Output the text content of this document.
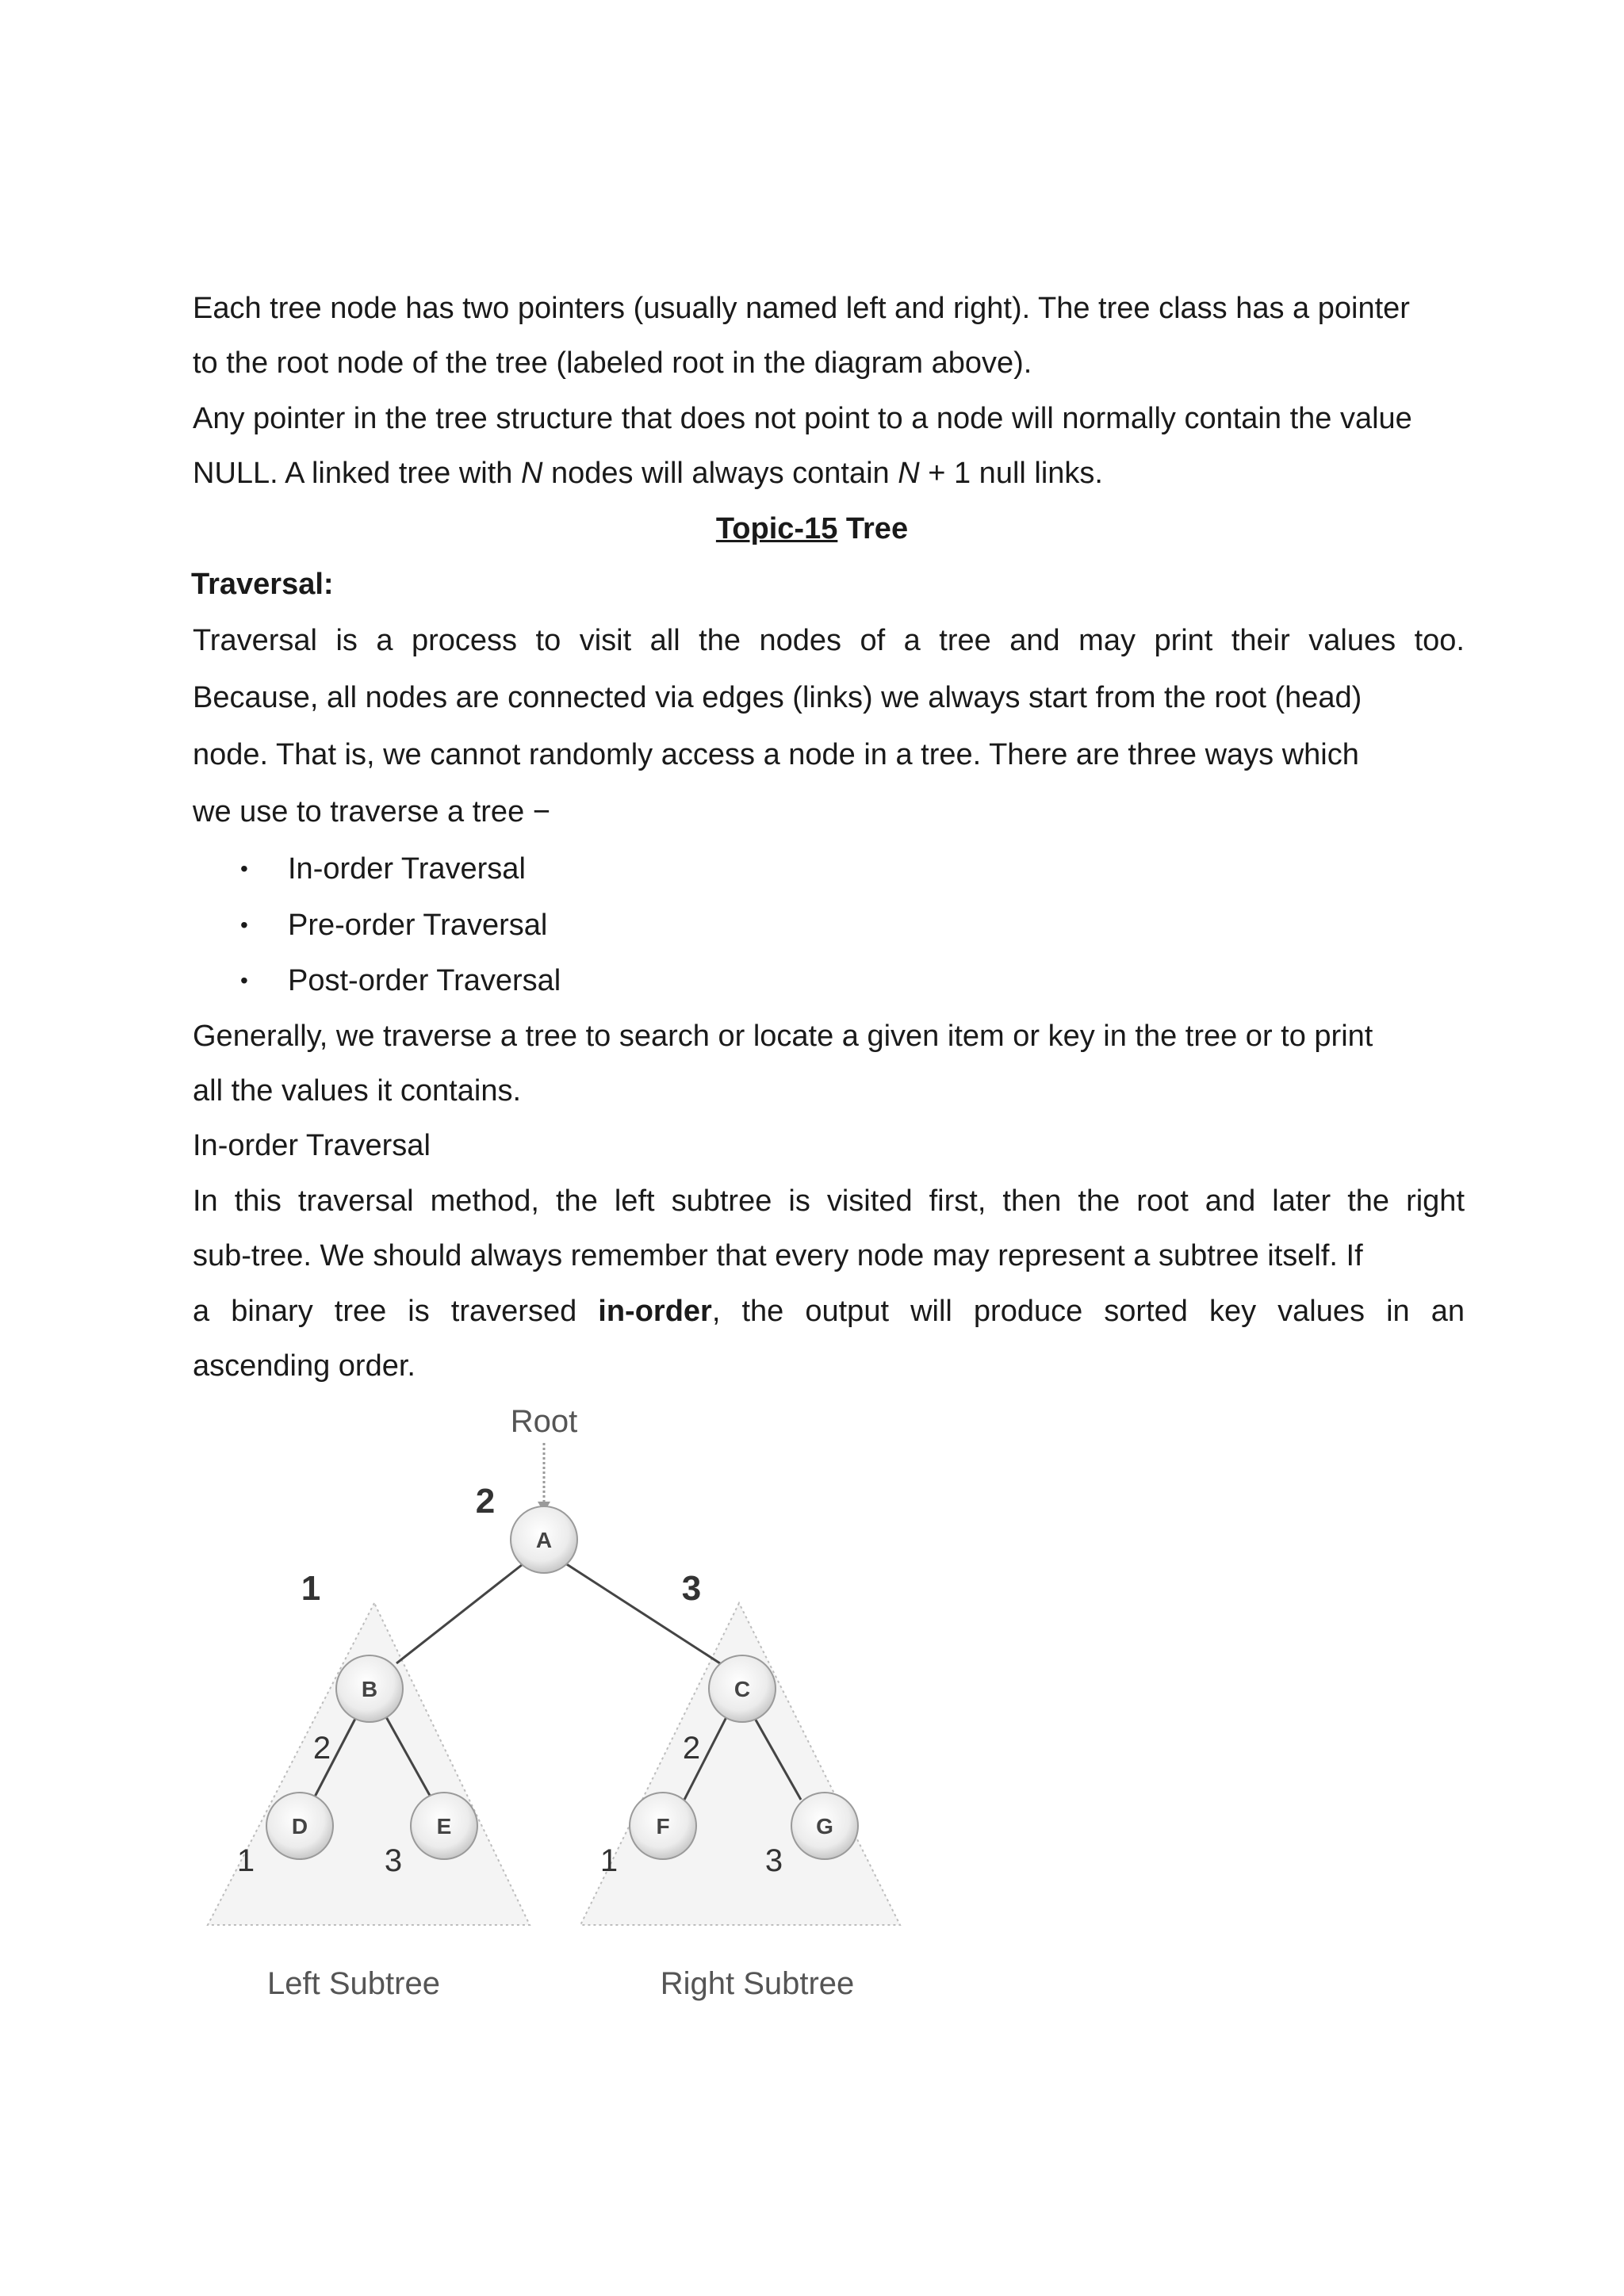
Each tree node has two pointers (usually named left and right). The tree class has a pointer
to the root node of the tree (labeled root in the diagram above).
Any pointer in the tree structure that does not point to a node will normally contain the value
NULL. A linked tree with N nodes will always contain N + 1 null links.
Topic-15 Tree
Traversal:
Traversal is a process to visit all the nodes of a tree and may print their values too.
Because, all nodes are connected via edges (links) we always start from the root (head)
node. That is, we cannot randomly access a node in a tree. There are three ways which
we use to traverse a tree −
• In-order Traversal
• Pre-order Traversal
• Post-order Traversal
Generally, we traverse a tree to search or locate a given item or key in the tree or to print
all the values it contains.
In-order Traversal
In this traversal method, the left subtree is visited first, then the root and later the right
sub-tree. We should always remember that every node may represent a subtree itself. If
a binary tree is traversed in-order, the output will produce sorted key values in an
ascending order.
Root
A
B	C
D	E	F	G
2
1	3
2
1	3
2
1	3
Left Subtree	Right Subtree
